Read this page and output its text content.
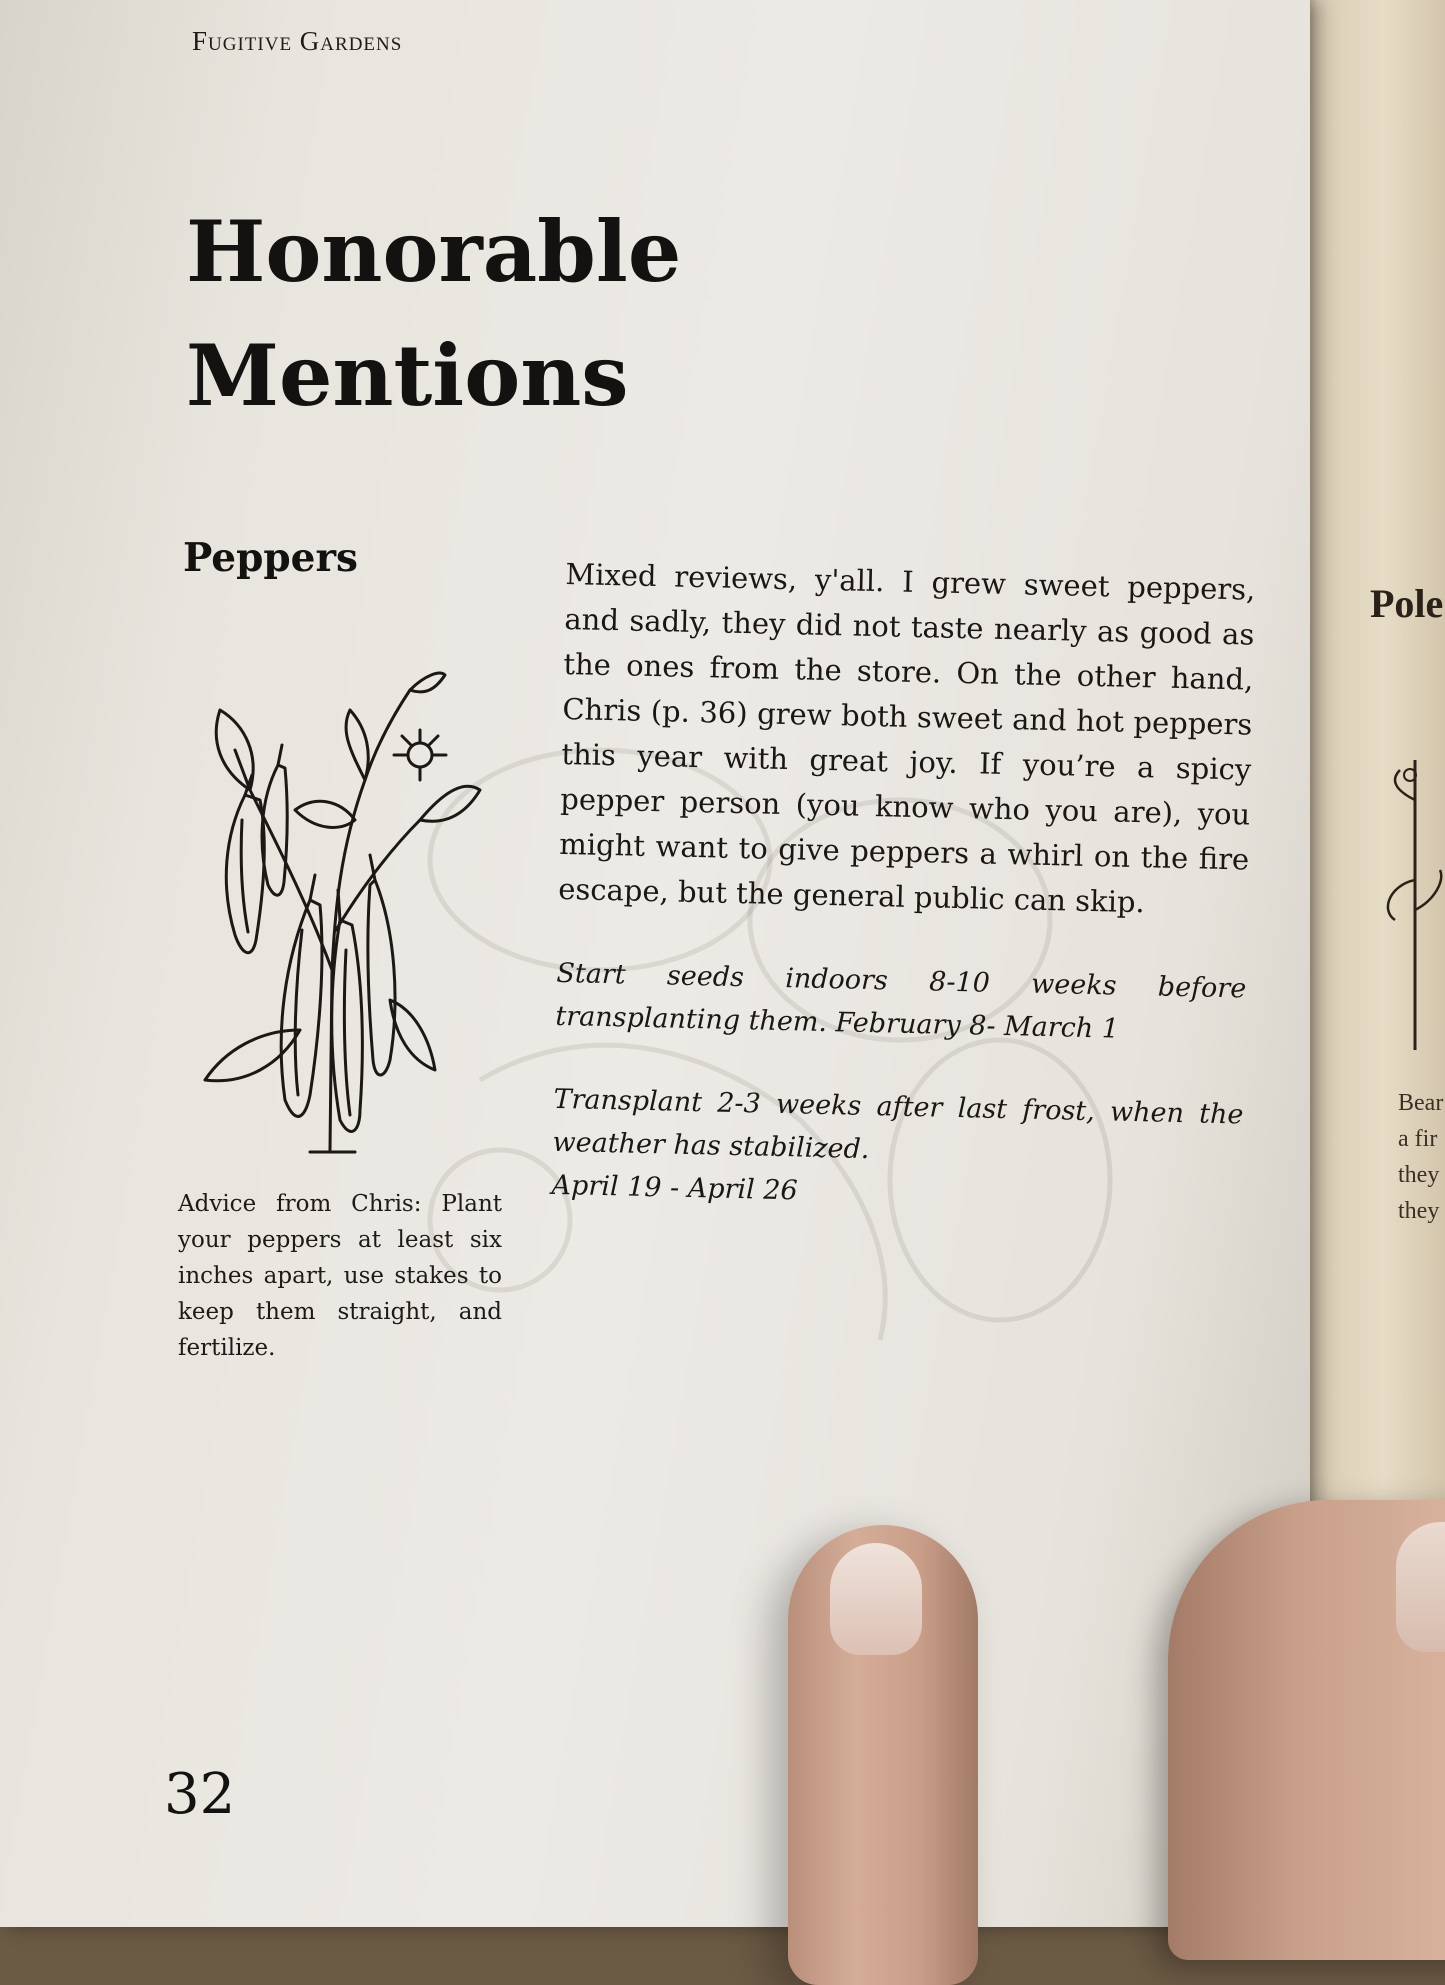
Pole
Bear
a fir
they
they
Fugitive Gardens
Honorable
Mentions
Peppers

Advice from Chris: Plant your peppers at least six inches apart, use stakes to keep them straight, and fertilize.

Mixed reviews, y'all. I grew sweet peppers, and sadly, they did not taste nearly as good as the ones from the store. On the other hand, Chris (p. 36) grew both sweet and hot peppers this year with great joy. If you’re a spicy pepper person (you know who you are), you might want to give peppers a whirl on the fire escape, but the general public can skip.

Start seeds indoors 8-10 weeks before transplanting them. February 8- March 1

Transplant 2-3 weeks after last frost, when the weather has stabilized.

April 19 - April 26

32
